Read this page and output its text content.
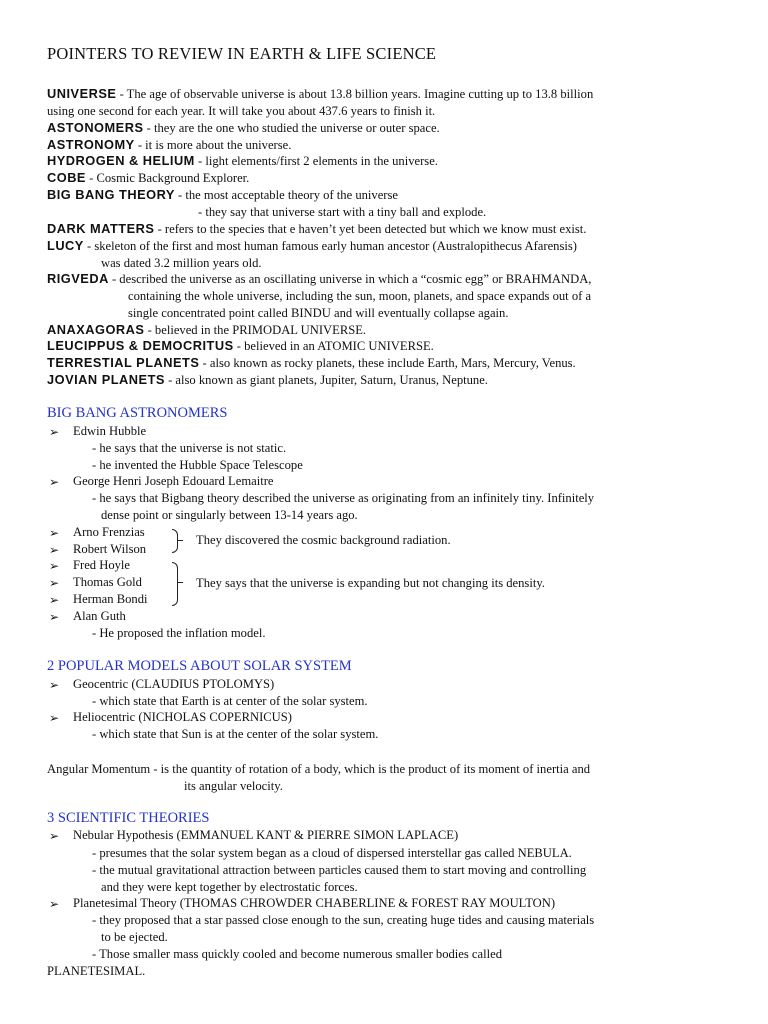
POINTERS TO REVIEW IN EARTH & LIFE SCIENCE
UNIVERSE - The age of observable universe is about 13.8 billion years. Imagine cutting up to 13.8 billion
using one second for each year. It will take you about 437.6 years to finish it.
ASTONOMERS - they are the one who studied the universe or outer space.
ASTRONOMY - it is more about the universe.
HYDROGEN & HELIUM - light elements/first 2 elements in the universe.
COBE - Cosmic Background Explorer.
BIG BANG THEORY - the most acceptable theory of the universe
- they say that universe start with a tiny ball and explode.
DARK MATTERS - refers to the species that e haven’t yet been detected but which we know must exist.
LUCY - skeleton of the first and most human famous early human ancestor (Australopithecus Afarensis)
was dated 3.2 million years old.
RIGVEDA - described the universe as an oscillating universe in which a “cosmic egg” or BRAHMANDA,
containing the whole universe, including the sun, moon, planets, and space expands out of a
single concentrated point called BINDU and will eventually collapse again.
ANAXAGORAS - believed in the PRIMODAL UNIVERSE.
LEUCIPPUS & DEMOCRITUS - believed in an ATOMIC UNIVERSE.
TERRESTIAL PLANETS - also known as rocky planets, these include Earth, Mars, Mercury, Venus.
JOVIAN PLANETS - also known as giant planets, Jupiter, Saturn, Uranus, Neptune.
BIG BANG ASTRONOMERS
➢ Edwin Hubble
- he says that the universe is not static.
- he invented the Hubble Space Telescope
➢ George Henri Joseph Edouard Lemaitre
- he says that Bigbang theory described the universe as originating from an infinitely tiny. Infinitely
dense point or singularly between 13-14 years ago.
➢ Arno Frenzias
➢ Robert Wilson
They discovered the cosmic background radiation.
➢ Fred Hoyle
➢ Thomas Gold
➢ Herman Bondi
They says that the universe is expanding but not changing its density.
➢ Alan Guth
- He proposed the inflation model.
2 POPULAR MODELS ABOUT SOLAR SYSTEM
➢ Geocentric (CLAUDIUS PTOLOMYS)
- which state that Earth is at center of the solar system.
➢ Heliocentric (NICHOLAS COPERNICUS)
- which state that Sun is at the center of the solar system.
Angular Momentum - is the quantity of rotation of a body, which is the product of its moment of inertia and
its angular velocity.
3 SCIENTIFIC THEORIES
➢ Nebular Hypothesis (EMMANUEL KANT & PIERRE SIMON LAPLACE)
- presumes that the solar system began as a cloud of dispersed interstellar gas called NEBULA.
- the mutual gravitational attraction between particles caused them to start moving and controlling
and they were kept together by electrostatic forces.
➢ Planetesimal Theory (THOMAS CHROWDER CHABERLINE & FOREST RAY MOULTON)
- they proposed that a star passed close enough to the sun, creating huge tides and causing materials
to be ejected.
- Those smaller mass quickly cooled and become numerous smaller bodies called
PLANETESIMAL.
